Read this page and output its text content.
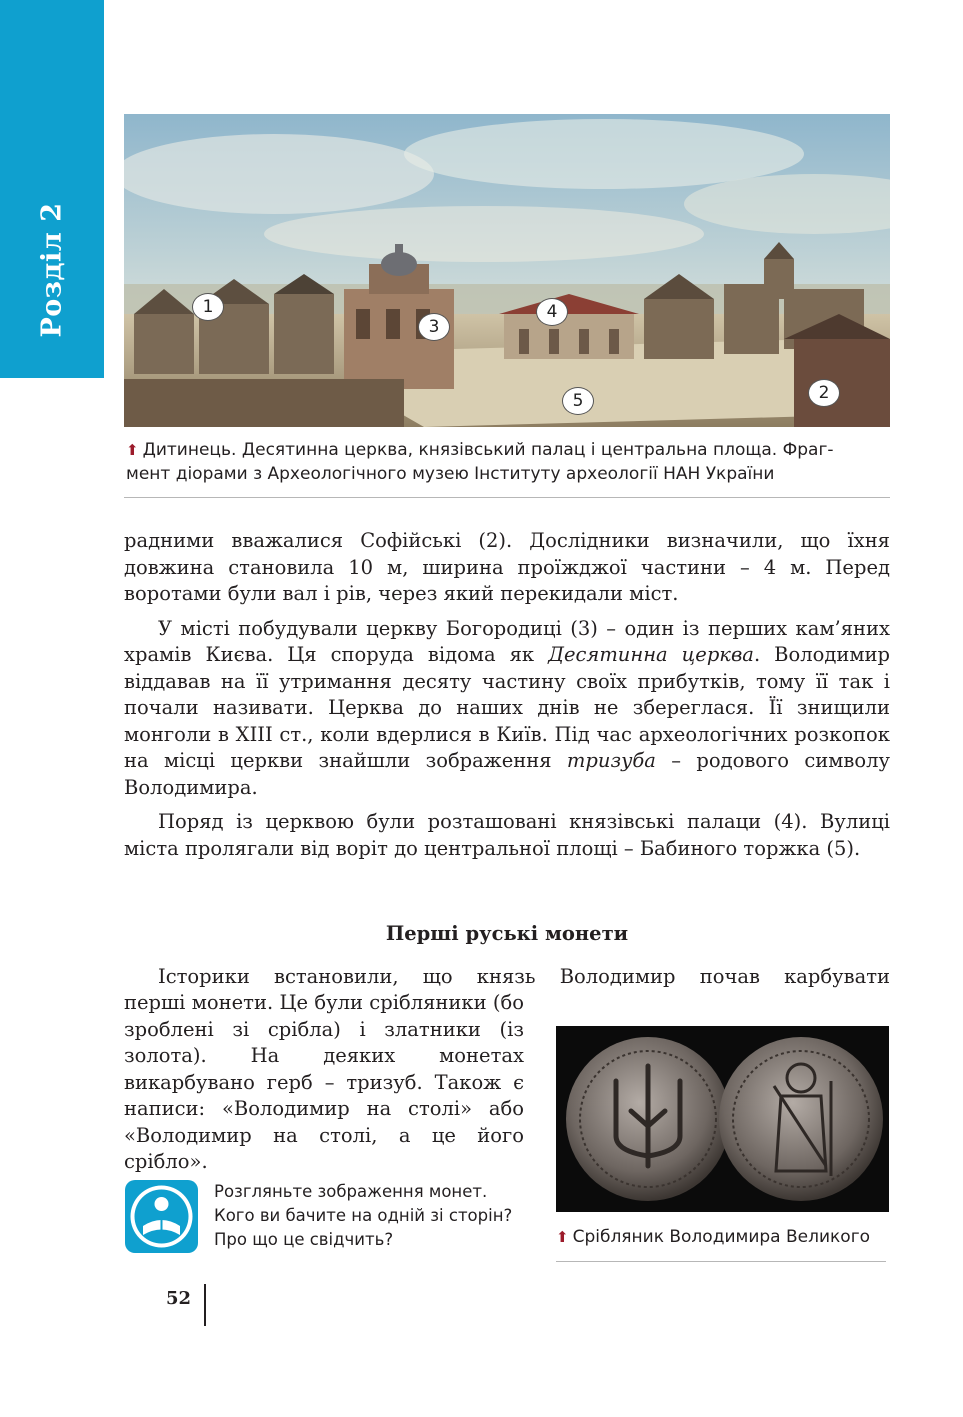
Розділ 2	1
2
3
4
5
⬆ Дитинець. Десятинна церква, князівський палац і центральна площа. Фраг-
мент діорами з Археологічного музею Інституту археології НАН України

радними вважалися Софійські (2). Дослідники визначили, що їхня довжина становила 10 м, ширина проїжджої частини – 4 м. Перед воротами були вал і рів, через який перекидали міст.

У місті побудували церкву Богородиці (3) – один із перших кам’яних храмів Києва. Ця споруда відома як Десятинна церква. Володимир віддавав на її утримання десяту частину своїх прибутків, тому її так і почали називати. Церква до наших днів не збереглася. Її знищили монголи в XIII ст., коли вдерлися в Київ. Під час археологічних розкопок на місці церкви знайшли зображення тризуба – родового символу Володимира.

Поряд із церквою були розташовані князівські палаци (4). Вулиці міста пролягали від воріт до центральної площі – Бабиного торжка (5).

Перші руські монети

Історики встановили, що князь Володимир почав карбувати

перші монети. Це були срібляники (бо зроблені зі срібла) і златники (із золота). На деяких монетах викарбувано герб – тризуб. Також є написи: «Володимир на столі» або «Володимир на столі, а це його срібло».

⬆ Срібляник Володимира Великого
Розгляньте зображення монет. Кого ви бачите на одній зі сторін? Про що це свідчить?
52
